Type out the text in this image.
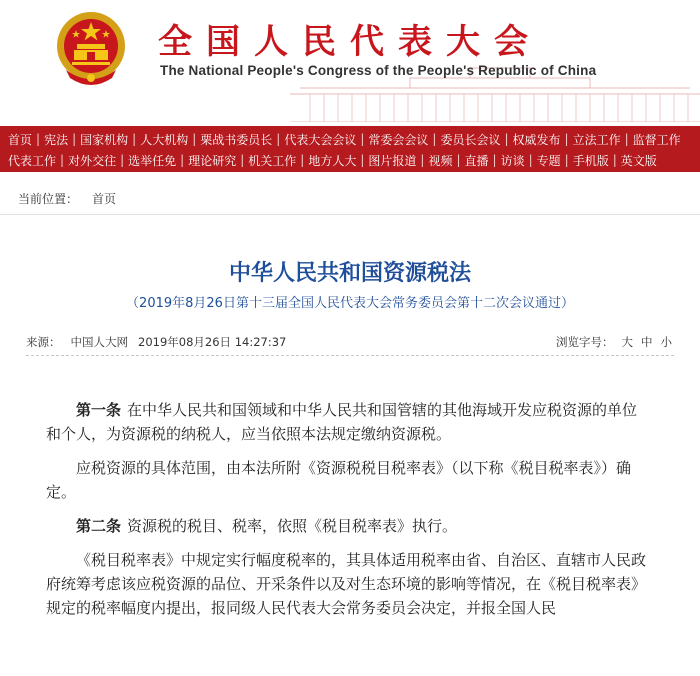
全国人民代表大会
The National People's Congress of the People's Republic of China
首页 | 宪法 | 国家机构 | 人大机构 | 栗战书委员长 | 代表大会会议 | 常委会会议 | 委员长会议 | 权威发布 | 立法工作 | 监督工作
代表工作 | 对外交往 | 选举任免 | 理论研究 | 机关工作 | 地方人大 | 图片报道 | 视频 | 直播 | 访谈 | 专题 | 手机版 | 英文版
当前位置： 首页
中华人民共和国资源税法
（2019年8月26日第十三届全国人民代表大会常务委员会第十二次会议通过）
来源： 中国人大网 2019年08月26日 14:27:37	浏览字号： 大 中 小

第一条 在中华人民共和国领域和中华人民共和国管辖的其他海域开发应税资源的单位和个人，为资源税的纳税人，应当依照本法规定缴纳资源税。

应税资源的具体范围，由本法所附《资源税税目税率表》（以下称《税目税率表》）确定。

第二条 资源税的税目、税率，依照《税目税率表》执行。

《税目税率表》中规定实行幅度税率的，其具体适用税率由省、自治区、直辖市人民政府统筹考虑该应税资源的品位、开采条件以及对生态环境的影响等情况，在《税目税率表》规定的税率幅度内提出，报同级人民代表大会常务委员会决定，并报全国人民
